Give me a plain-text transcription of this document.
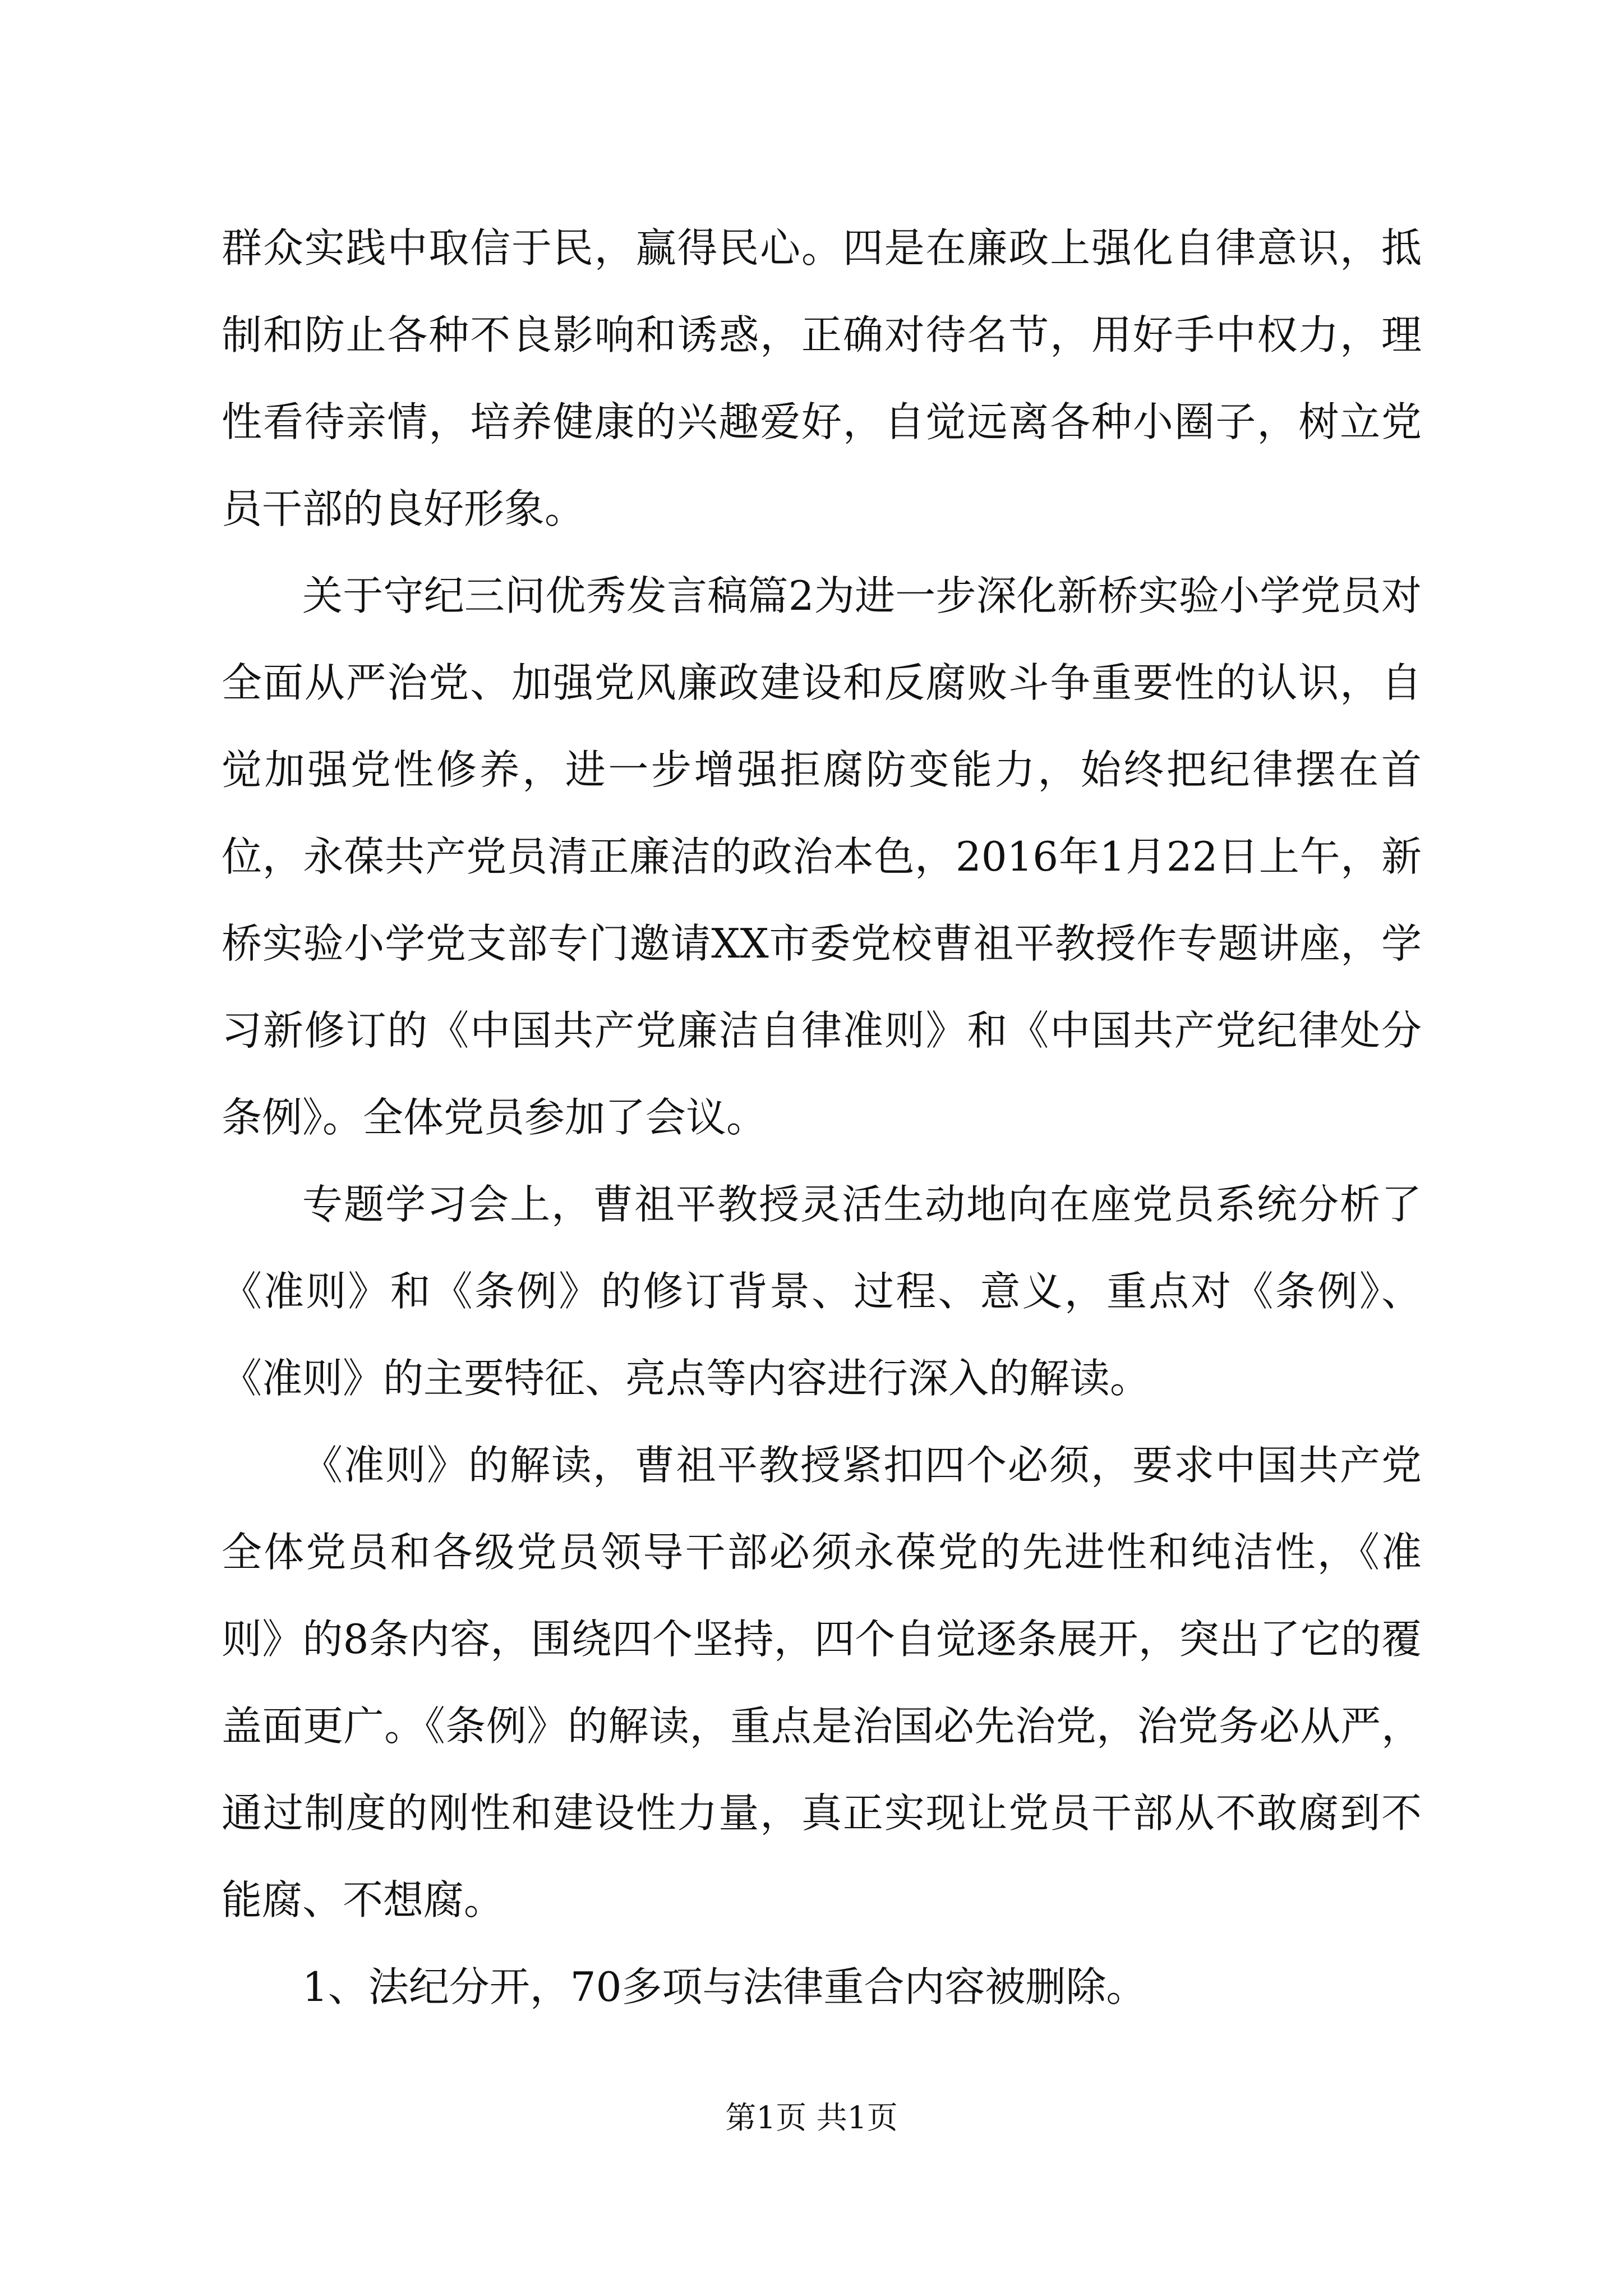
群众实践中取信于民，赢得民心。四是在廉政上强化自律意识，抵制和防止各种不良影响和诱惑，正确对待名节，用好手中权力，理性看待亲情，培养健康的兴趣爱好，自觉远离各种小圈子，树立党员干部的良好形象。

关于守纪三问优秀发言稿篇2为进一步深化新桥实验小学党员对全面从严治党、加强党风廉政建设和反腐败斗争重要性的认识，自觉加强党性修养，进一步增强拒腐防变能力，始终把纪律摆在首位，永葆共产党员清正廉洁的政治本色，2016年1月22日上午，新桥实验小学党支部专门邀请XX市委党校曹祖平教授作专题讲座，学习新修订的《中国共产党廉洁自律准则》和《中国共产党纪律处分条例》。全体党员参加了会议。

专题学习会上，曹祖平教授灵活生动地向在座党员系统分析了《准则》和《条例》的修订背景、过程、意义，重点对《条例》、《准则》的主要特征、亮点等内容进行深入的解读。

《准则》的解读，曹祖平教授紧扣四个必须，要求中国共产党全体党员和各级党员领导干部必须永葆党的先进性和纯洁性，《准则》的8条内容，围绕四个坚持，四个自觉逐条展开，突出了它的覆盖面更广。《条例》的解读，重点是治国必先治党，治党务必从严，通过制度的刚性和建设性力量，真正实现让党员干部从不敢腐到不能腐、不想腐。

1、法纪分开，70多项与法律重合内容被删除。

第1页 共1页
